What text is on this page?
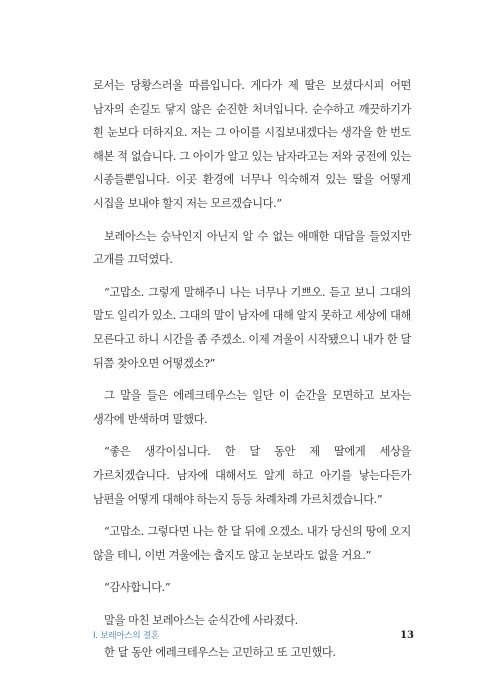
로서는 당황스러울 따름입니다. 게다가 제 딸은 보셨다시피 어떤 남자의 손길도 닿지 않은 순진한 처녀입니다. 순수하고 깨끗하기가 흰 눈보다 더하지요. 저는 그 아이를 시집보내겠다는 생각을 한 번도 해본 적 없습니다. 그 아이가 알고 있는 남자라고는 저와 궁전에 있는 시종들뿐입니다. 이곳 환경에 너무나 익숙해져 있는 딸을 어떻게 시집을 보내야 할지 저는 모르겠습니다.”

보레아스는 승낙인지 아닌지 알 수 없는 애매한 대답을 들었지만 고개를 끄덕였다.

“고맙소. 그렇게 말해주니 나는 너무나 기쁘오. 듣고 보니 그대의 말도 일리가 있소. 그대의 말이 남자에 대해 알지 못하고 세상에 대해 모른다고 하니 시간을 좀 주겠소. 이제 겨울이 시작됐으니 내가 한 달 뒤쯤 찾아오면 어떻겠소?”

그 말을 들은 에레크테우스는 일단 이 순간을 모면하고 보자는 생각에 반색하며 말했다.

“좋은 생각이십니다. 한 달 동안 제 딸에게 세상을 가르치겠습니다. 남자에 대해서도 알게 하고 아기를 낳는다든가 남편을 어떻게 대해야 하는지 등등 차례차례 가르치겠습니다.”

“고맙소. 그렇다면 나는 한 달 뒤에 오겠소. 내가 당신의 땅에 오지 않을 테니, 이번 겨울에는 춥지도 않고 눈보라도 없을 거요.”

“감사합니다.”

말을 마친 보레아스는 순식간에 사라졌다.

한 달 동안 에레크테우스는 고민하고 또 고민했다.

I. 보레아스의 결혼	13
